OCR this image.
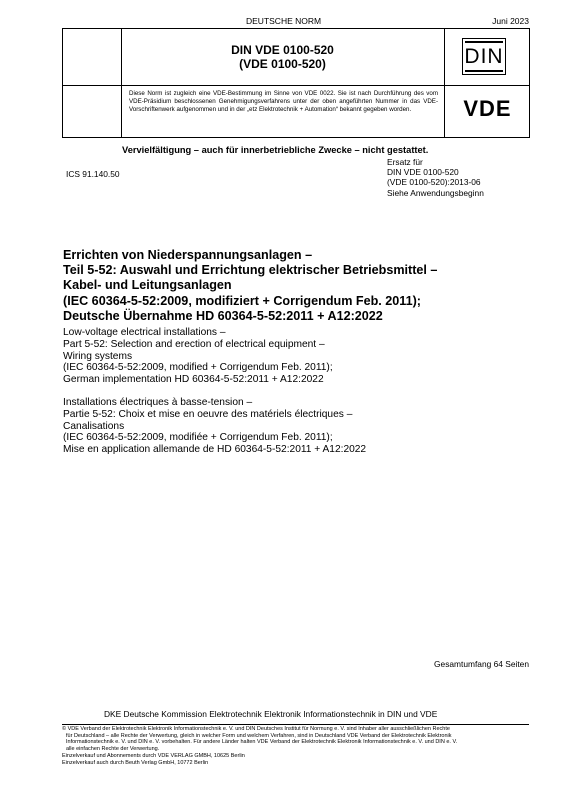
DEUTSCHE NORM	Juni 2023
DIN VDE 0100-520
(VDE 0100-520)	DIN
Diese Norm ist zugleich eine VDE-Bestimmung im Sinne von VDE 0022. Sie ist nach Durchführung des vom VDE-Präsidium beschlossenen Genehmigungsverfahrens unter der oben angeführten Nummer in das VDE-Vorschriftenwerk aufgenommen und in der „etz Elektrotechnik + Automation“ bekannt gegeben worden.	VDE
Vervielfältigung – auch für innerbetriebliche Zwecke – nicht gestattet.
ICS 91.140.50
Ersatz für
DIN VDE 0100-520
(VDE 0100-520):2013-06
Siehe Anwendungsbeginn
Errichten von Niederspannungsanlagen –
Teil 5-52: Auswahl und Errichtung elektrischer Betriebsmittel –
Kabel- und Leitungsanlagen
(IEC 60364-5-52:2009, modifiziert + Corrigendum Feb. 2011);
Deutsche Übernahme HD 60364-5-52:2011 + A12:2022
Low-voltage electrical installations –
Part 5-52: Selection and erection of electrical equipment –
Wiring systems
(IEC 60364-5-52:2009, modified + Corrigendum Feb. 2011);
German implementation HD 60364-5-52:2011 + A12:2022
Installations électriques à basse-tension –
Partie 5-52: Choix et mise en oeuvre des matériels électriques –
Canalisations
(IEC 60364-5-52:2009, modifiée + Corrigendum Feb. 2011);
Mise en application allemande de HD 60364-5-52:2011 + A12:2022
Gesamtumfang 64 Seiten
DKE Deutsche Kommission Elektrotechnik Elektronik Informationstechnik in DIN und VDE
© VDE Verband der Elektrotechnik Elektronik Informationstechnik e. V. und DIN Deutsches Institut für Normung e. V. sind Inhaber aller ausschließlichen Rechte
für Deutschland – alle Rechte der Verwertung, gleich in welcher Form und welchem Verfahren, sind in Deutschland VDE Verband der Elektrotechnik Elektronik
Informationstechnik e. V. und DIN e. V. vorbehalten. Für andere Länder halten VDE Verband der Elektrotechnik Elektronik Informationstechnik e. V. und DIN e. V.
alle einfachen Rechte der Verwertung.
Einzelverkauf und Abonnements durch VDE VERLAG GMBH, 10625 Berlin
Einzelverkauf auch durch Beuth Verlag GmbH, 10772 Berlin
